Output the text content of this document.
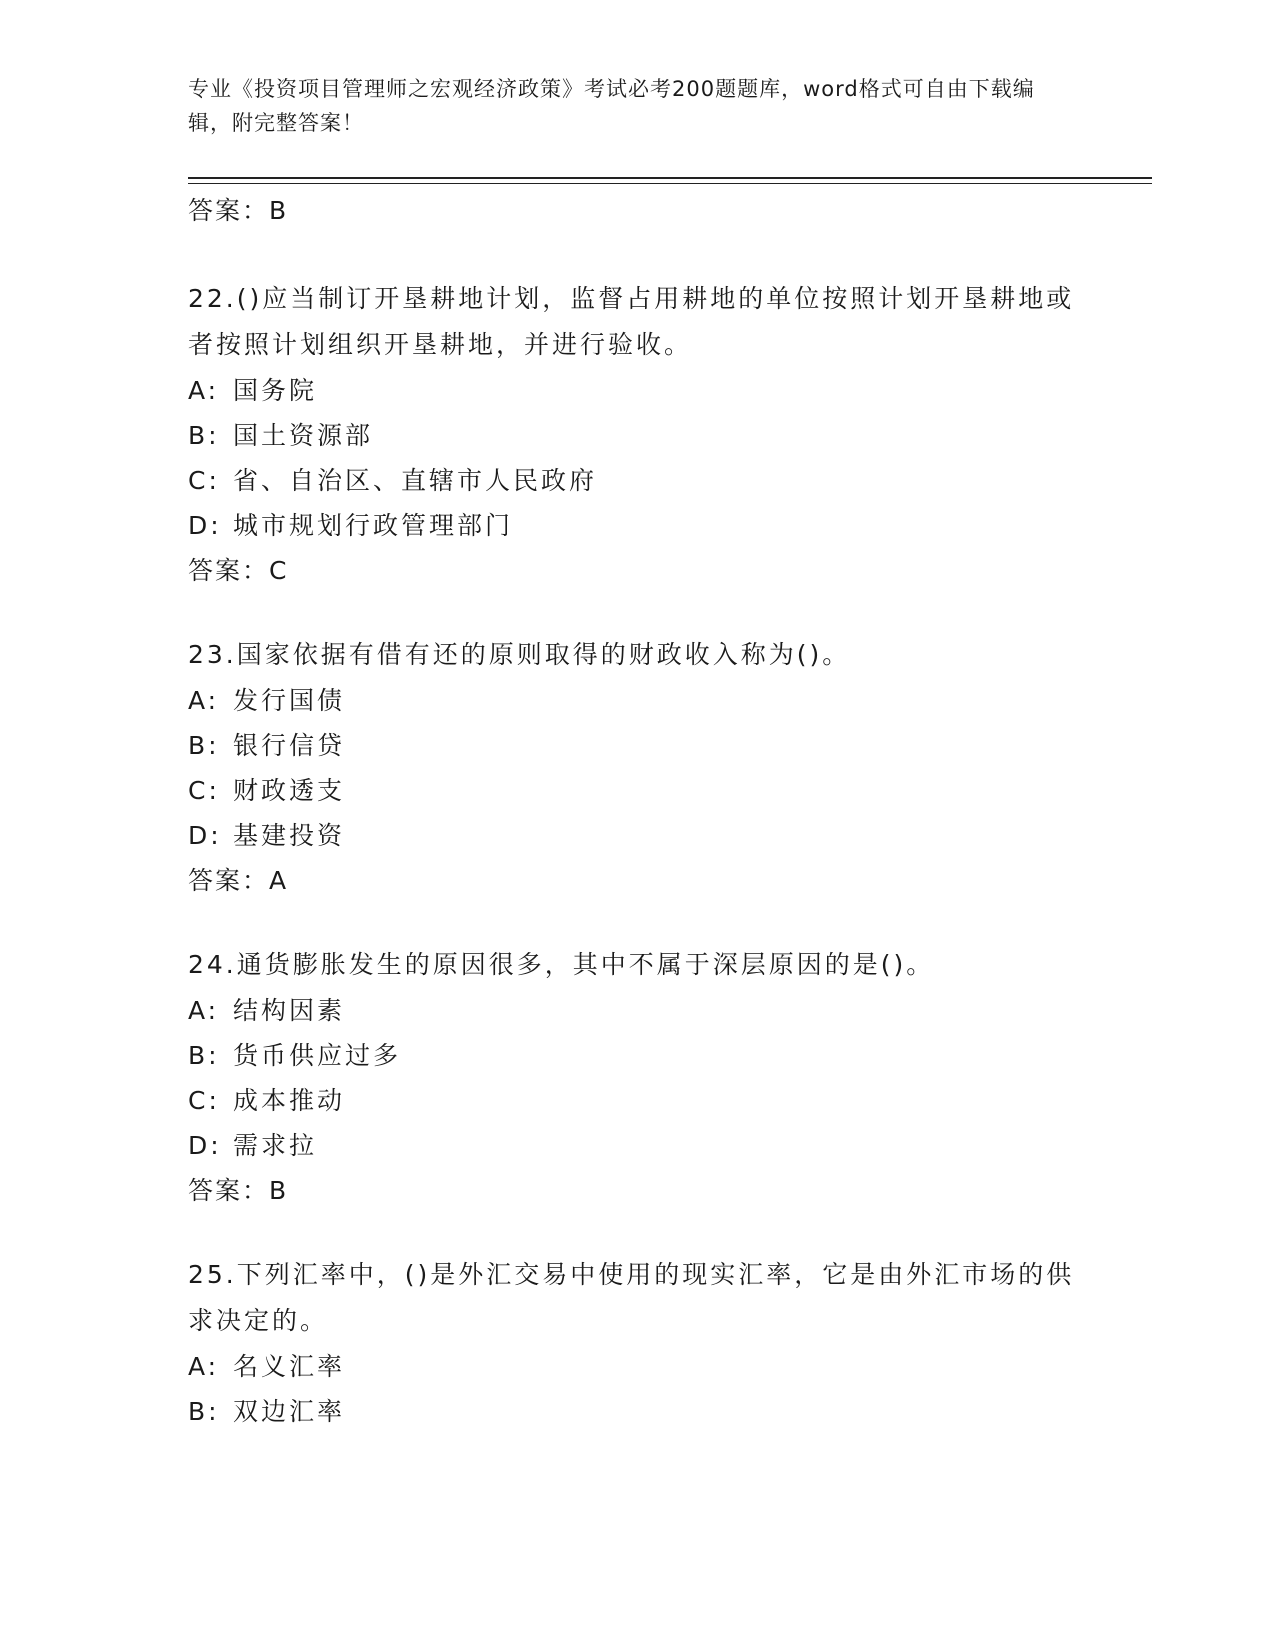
专业《投资项目管理师之宏观经济政策》考试必考200题题库，word格式可自由下载编辑，附完整答案！
答案：B
22.()应当制订开垦耕地计划，监督占用耕地的单位按照计划开垦耕地或者按照计划组织开垦耕地，并进行验收。
A: 国务院
B: 国土资源部
C: 省、自治区、直辖市人民政府
D: 城市规划行政管理部门
答案：C
23.国家依据有借有还的原则取得的财政收入称为()。
A: 发行国债
B: 银行信贷
C: 财政透支
D: 基建投资
答案：A
24.通货膨胀发生的原因很多，其中不属于深层原因的是()。
A: 结构因素
B: 货币供应过多
C: 成本推动
D: 需求拉
答案：B
25.下列汇率中，()是外汇交易中使用的现实汇率，它是由外汇市场的供求决定的。
A: 名义汇率
B: 双边汇率
